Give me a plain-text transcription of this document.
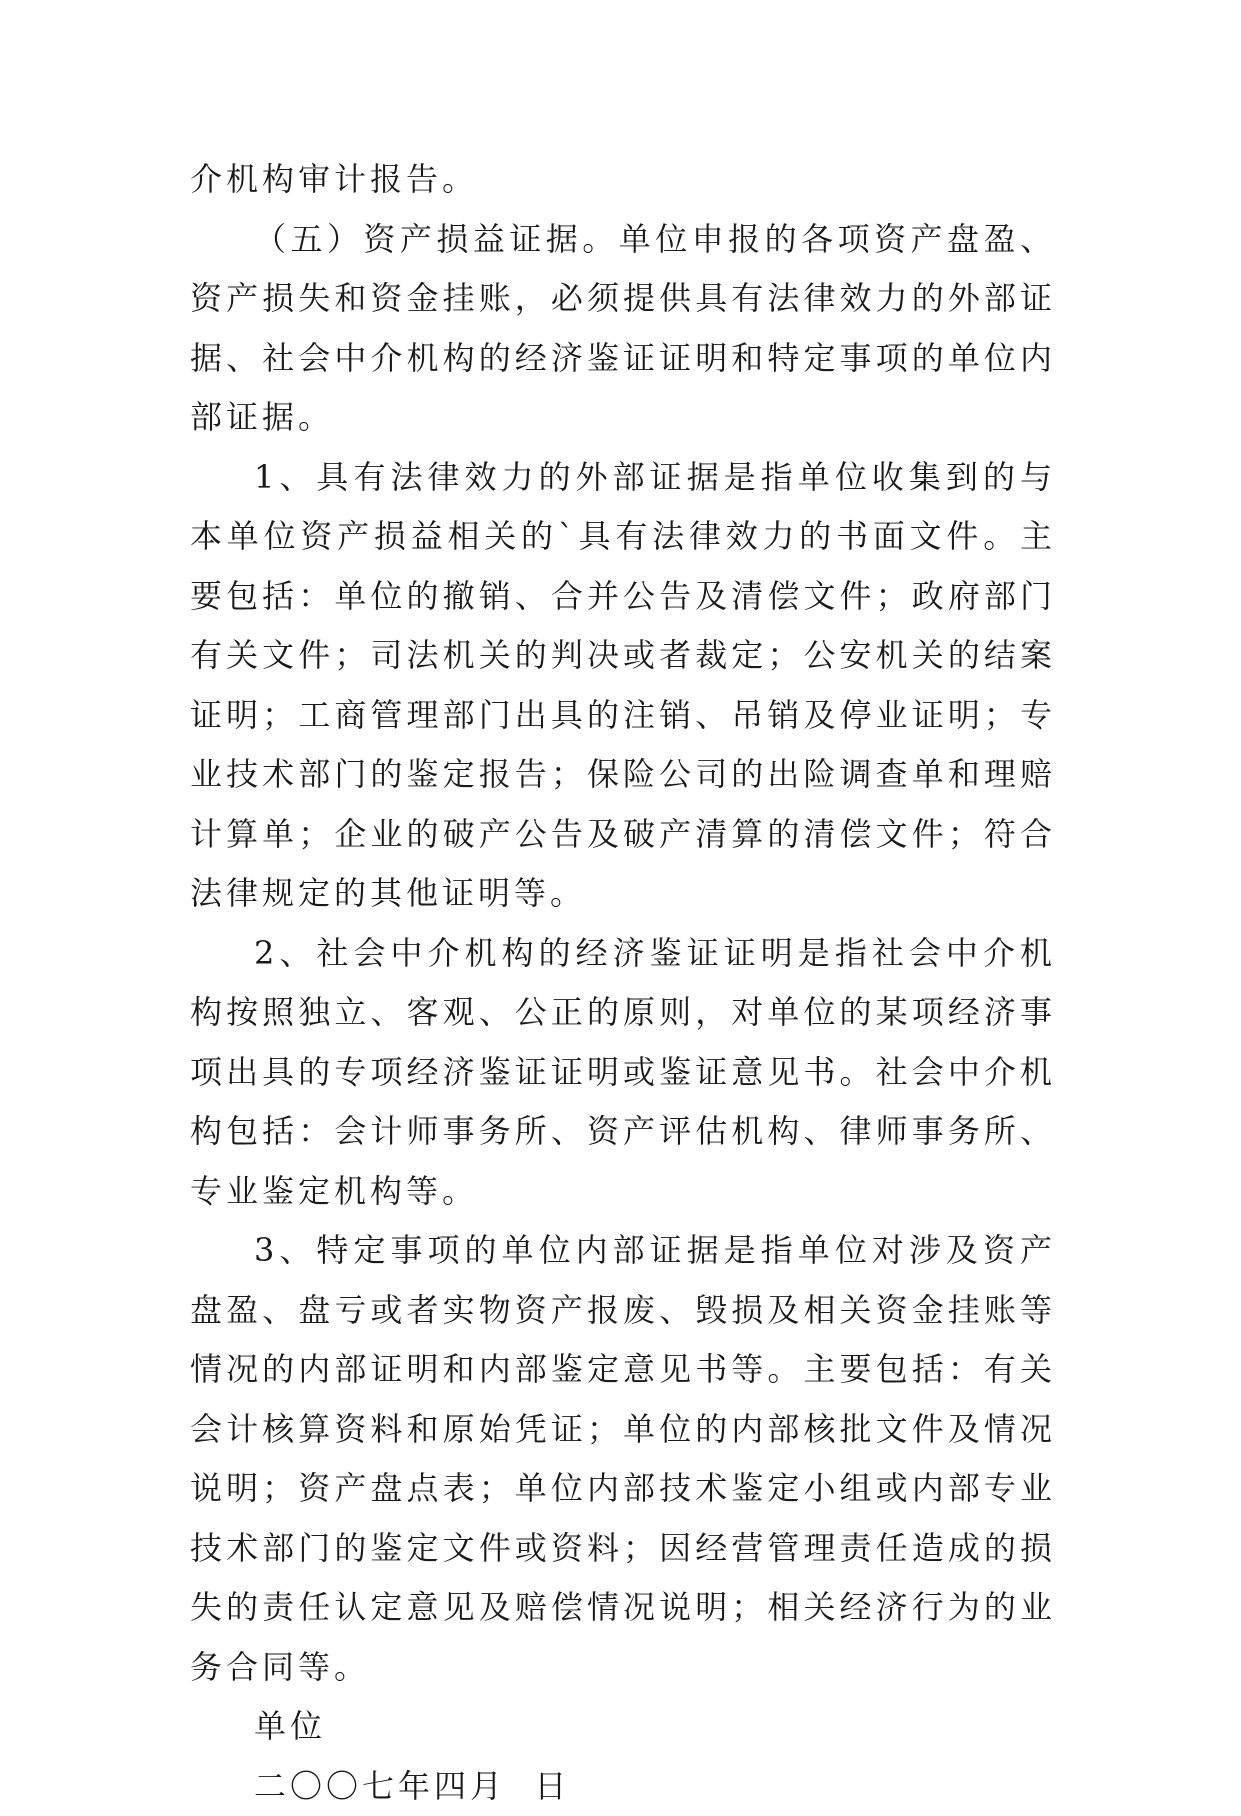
介机构审计报告。

（五）资产损益证据。单位申报的各项资产盘盈、资产损失和资金挂账，必须提供具有法律效力的外部证据、社会中介机构的经济鉴证证明和特定事项的单位内部证据。

1、具有法律效力的外部证据是指单位收集到的与本单位资产损益相关的`具有法律效力的书面文件。主要包括：单位的撤销、合并公告及清偿文件；政府部门有关文件；司法机关的判决或者裁定；公安机关的结案证明；工商管理部门出具的注销、吊销及停业证明；专业技术部门的鉴定报告；保险公司的出险调查单和理赔计算单；企业的破产公告及破产清算的清偿文件；符合法律规定的其他证明等。

2、社会中介机构的经济鉴证证明是指社会中介机构按照独立、客观、公正的原则，对单位的某项经济事项出具的专项经济鉴证证明或鉴证意见书。社会中介机构包括：会计师事务所、资产评估机构、律师事务所、专业鉴定机构等。

3、特定事项的单位内部证据是指单位对涉及资产盘盈、盘亏或者实物资产报废、毁损及相关资金挂账等情况的内部证明和内部鉴定意见书等。主要包括：有关会计核算资料和原始凭证；单位的内部核批文件及情况说明；资产盘点表；单位内部技术鉴定小组或内部专业技术部门的鉴定文件或资料；因经营管理责任造成的损失的责任认定意见及赔偿情况说明；相关经济行为的业务合同等。

单位

二〇〇七年四月  日
